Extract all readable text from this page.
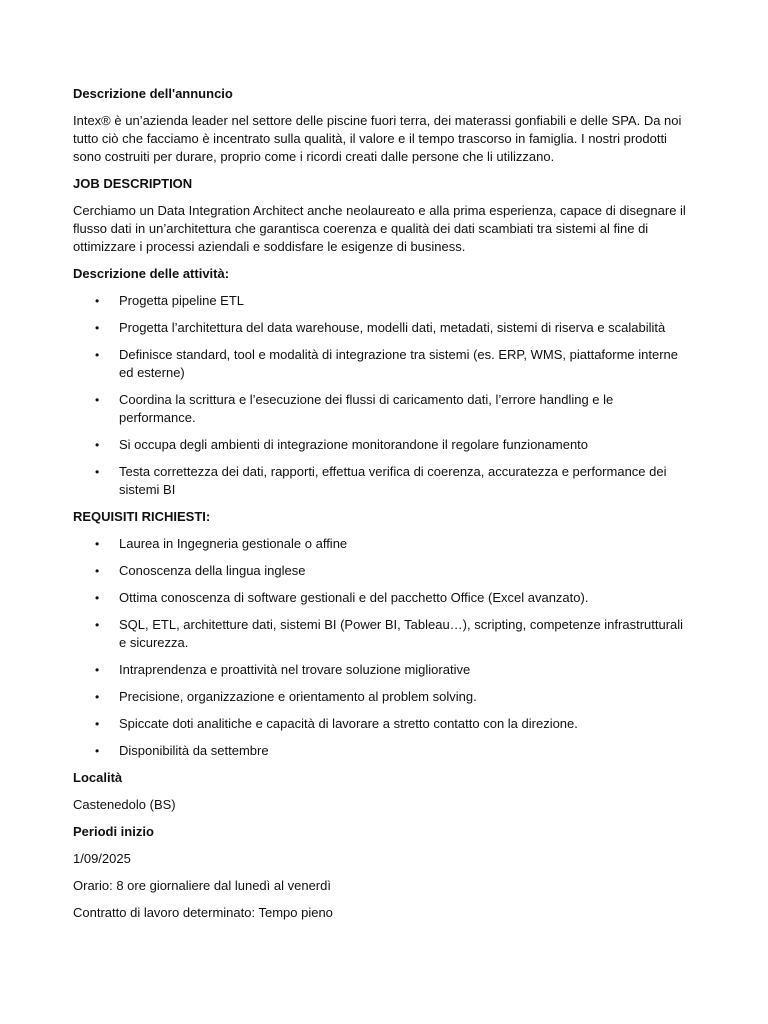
Descrizione dell'annuncio
Intex® è un’azienda leader nel settore delle piscine fuori terra, dei materassi gonfiabili e delle SPA. Da noi tutto ciò che facciamo è incentrato sulla qualità, il valore e il tempo trascorso in famiglia. I nostri prodotti sono costruiti per durare, proprio come i ricordi creati dalle persone che li utilizzano.
JOB DESCRIPTION
Cerchiamo un Data Integration Architect anche neolaureato e alla prima esperienza, capace di disegnare il flusso dati in un’architettura che garantisca coerenza e qualità dei dati scambiati tra sistemi al fine di ottimizzare i processi aziendali e soddisfare le esigenze di business.
Descrizione delle attività:
• Progetta pipeline ETL
• Progetta l’architettura del data warehouse, modelli dati, metadati, sistemi di riserva e scalabilità
• Definisce standard, tool e modalità di integrazione tra sistemi (es. ERP, WMS, piattaforme interne ed esterne)
• Coordina la scrittura e l’esecuzione dei flussi di caricamento dati, l’errore handling e le performance.
• Si occupa degli ambienti di integrazione monitorandone il regolare funzionamento
• Testa correttezza dei dati, rapporti, effettua verifica di coerenza, accuratezza e performance dei sistemi BI
REQUISITI RICHIESTI:
• Laurea in Ingegneria gestionale o affine
• Conoscenza della lingua inglese
• Ottima conoscenza di software gestionali e del pacchetto Office (Excel avanzato).
• SQL, ETL, architetture dati, sistemi BI (Power BI, Tableau…), scripting, competenze infrastrutturali e sicurezza.
• Intraprendenza e proattività nel trovare soluzione migliorative
• Precisione, organizzazione e orientamento al problem solving.
• Spiccate doti analitiche e capacità di lavorare a stretto contatto con la direzione.
• Disponibilità da settembre
Località
Castenedolo (BS)
Periodi inizio
1/09/2025
Orario: 8 ore giornaliere dal lunedì al venerdì
Contratto di lavoro determinato: Tempo pieno
